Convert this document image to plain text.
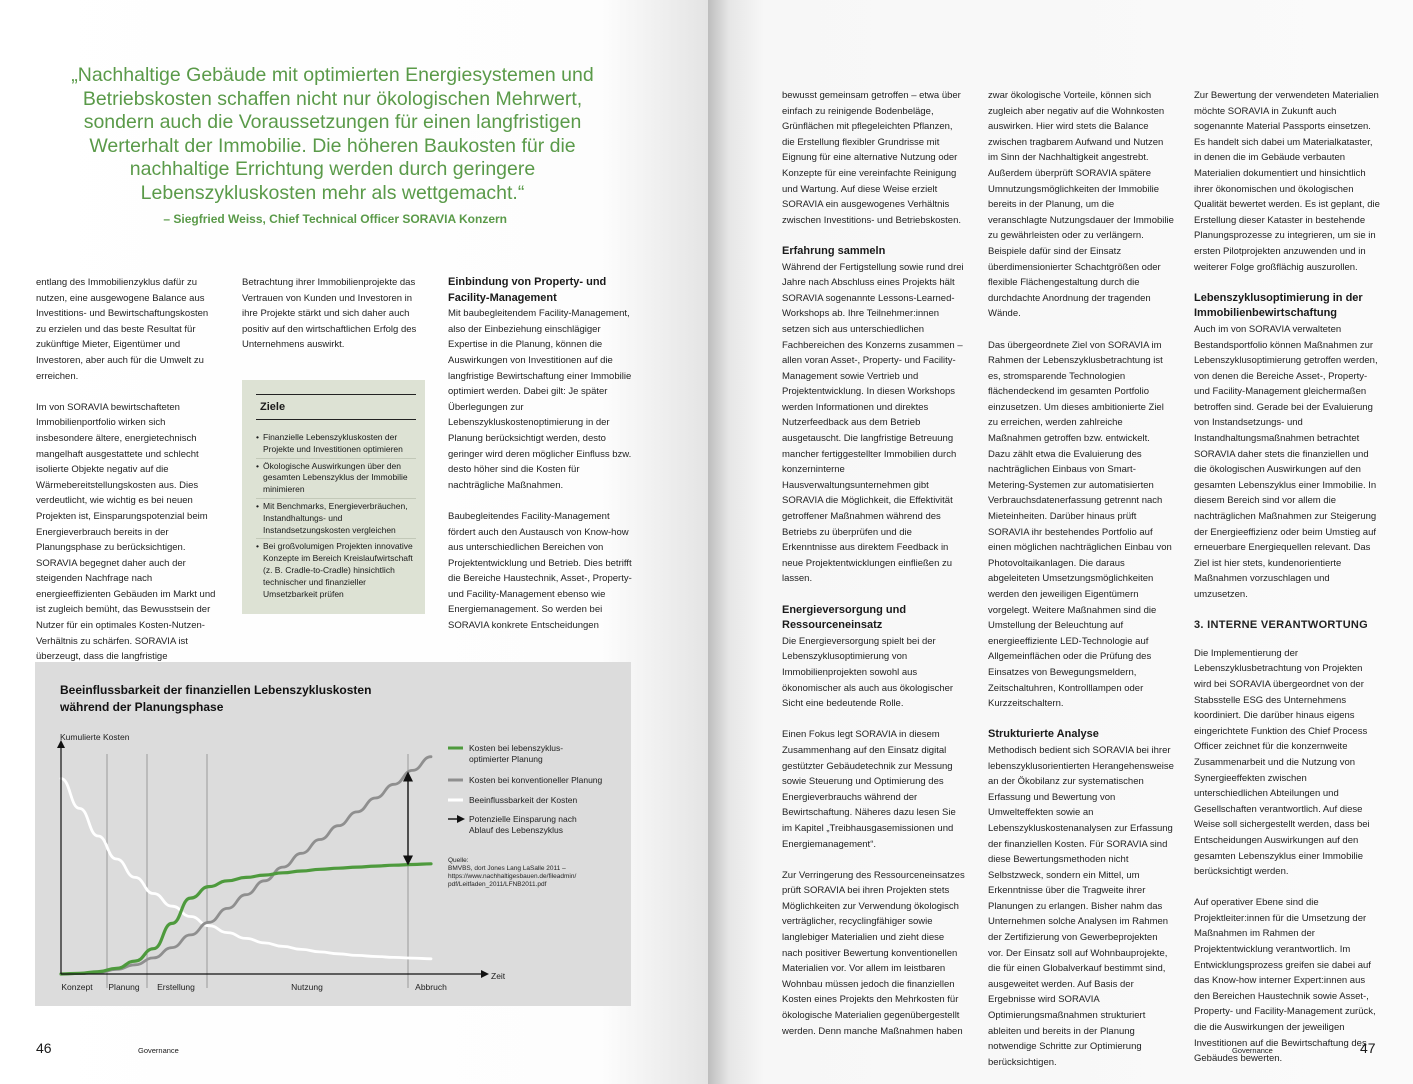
„Nachhaltige Gebäude mit optimierten Energiesystemen und Betriebskosten schaffen nicht nur ökologischen Mehrwert, sondern auch die Voraussetzungen für einen langfristigen Werterhalt der Immobilie. Die höheren Baukosten für die nachhaltige Errichtung werden durch geringere Lebenszykluskosten mehr als wettgemacht.“
– Siegfried Weiss, Chief Technical Officer SORAVIA Konzern

entlang des Immobilienzyklus dafür zu nutzen, eine ausgewogene Balance aus Investitions- und Bewirtschaftungskosten zu erzielen und das beste Resultat für zukünftige Mieter, Eigentümer und Investoren, aber auch für die Umwelt zu erreichen.

Im von SORAVIA bewirtschafteten Immobilienportfolio wirken sich insbesondere ältere, energietechnisch mangelhaft ausgestattete und schlecht isolierte Objekte negativ auf die Wärmebereitstellungskosten aus. Dies verdeutlicht, wie wichtig es bei neuen Projekten ist, Einsparungspotenzial beim Energieverbrauch bereits in der Planungsphase zu berücksichtigen. SORAVIA begegnet daher auch der steigenden Nachfrage nach energieeffizienten Gebäuden im Markt und ist zugleich bemüht, das Bewusstsein der Nutzer für ein optimales Kosten-Nutzen-Verhältnis zu schärfen. SORAVIA ist überzeugt, dass die langfristige

Betrachtung ihrer Immobilienprojekte das Vertrauen von Kunden und Investoren in ihre Projekte stärkt und sich daher auch positiv auf den wirtschaftlichen Erfolg des Unternehmens auswirkt.

Ziele
• Finanzielle Lebenszykluskosten der Projekte und Investitionen optimieren
• Ökologische Auswirkungen über den gesamten Lebenszyklus der Immobilie minimieren
• Mit Benchmarks, Energieverbräuchen, Instandhaltungs- und Instandsetzungskosten vergleichen
• Bei großvolumigen Projekten innovative Konzepte im Bereich Kreislaufwirtschaft (z. B. Cradle-to-Cradle) hinsichtlich technischer und finanzieller Umsetzbarkeit prüfen
Einbindung von Property- und Facility-Management

Mit baubegleitendem Facility-Management, also der Einbeziehung einschlägiger Expertise in die Planung, können die Auswirkungen von Investitionen auf die langfristige Bewirtschaftung einer Immobilie optimiert werden. Dabei gilt: Je später Überlegungen zur Lebenszykluskostenoptimierung in der Planung berücksichtigt werden, desto geringer wird deren möglicher Einfluss bzw. desto höher sind die Kosten für nachträgliche Maßnahmen.

Baubegleitendes Facility-Management fördert auch den Austausch von Know-how aus unterschiedlichen Bereichen von Projektentwicklung und Betrieb. Dies betrifft die Bereiche Haustechnik, Asset-, Property- und Facility-Management ebenso wie Energiemanagement. So werden bei SORAVIA konkrete Entscheidungen

Beeinflussbarkeit der finanziellen Lebenszykluskosten
während der Planungsphase
Kumulierte Kosten
Zeit
Konzept Planung Erstellung	Nutzung	Abbruch
Kosten bei lebenszyklus-optimierter Planung
Kosten bei konventioneller Planung
Beeinflussbarkeit der Kosten
Potenzielle Einsparung nach Ablauf des Lebenszyklus
Quelle: BMVBS, dort Jones Lang LaSalle 2011 – https://www.nachhaltigesbauen.de/fileadmin/ pdf/Leitfaden_2011/LFNB2011.pdf
46	Governance

bewusst gemeinsam getroffen – etwa über einfach zu reinigende Bodenbeläge, Grünflächen mit pflegeleichten Pflanzen, die Erstellung flexibler Grundrisse mit Eignung für eine alternative Nutzung oder Konzepte für eine vereinfachte Reinigung und Wartung. Auf diese Weise erzielt SORAVIA ein ausgewogenes Verhältnis zwischen Investitions- und Betriebskosten.

Erfahrung sammeln

Während der Fertigstellung sowie rund drei Jahre nach Abschluss eines Projekts hält SORAVIA sogenannte Lessons-Learned-Workshops ab. Ihre Teilnehmer:innen setzen sich aus unterschiedlichen Fachbereichen des Konzerns zusammen – allen voran Asset-, Property- und Facility-Management sowie Vertrieb und Projektentwicklung. In diesen Workshops werden Informationen und direktes Nutzerfeedback aus dem Betrieb ausgetauscht. Die langfristige Betreuung mancher fertiggestellter Immobilien durch konzerninterne Hausverwaltungsunternehmen gibt SORAVIA die Möglichkeit, die Effektivität getroffener Maßnahmen während des Betriebs zu überprüfen und die Erkenntnisse aus direktem Feedback in neue Projektentwicklungen einfließen zu lassen.

Energieversorgung und Ressourceneinsatz

Die Energieversorgung spielt bei der Lebenszyklusoptimierung von Immobilienprojekten sowohl aus ökonomischer als auch aus ökologischer Sicht eine bedeutende Rolle.

Einen Fokus legt SORAVIA in diesem Zusammenhang auf den Einsatz digital gestützter Gebäudetechnik zur Messung sowie Steuerung und Optimierung des Energieverbrauchs während der Bewirtschaftung. Näheres dazu lesen Sie im Kapitel „Treibhausgasemissionen und Energiemanagement“.

Zur Verringerung des Ressourceneinsatzes prüft SORAVIA bei ihren Projekten stets Möglichkeiten zur Verwendung ökologisch verträglicher, recyclingfähiger sowie langlebiger Materialien und zieht diese nach positiver Bewertung konventionellen Materialien vor. Vor allem im leistbaren Wohnbau müssen jedoch die finanziellen Kosten eines Projekts den Mehrkosten für ökologische Materialien gegenübergestellt werden. Denn manche Maßnahmen haben

zwar ökologische Vorteile, können sich zugleich aber negativ auf die Wohnkosten auswirken. Hier wird stets die Balance zwischen tragbarem Aufwand und Nutzen im Sinn der Nachhaltigkeit angestrebt. Außerdem überprüft SORAVIA spätere Umnutzungsmöglichkeiten der Immobilie bereits in der Planung, um die veranschlagte Nutzungsdauer der Immobilie zu gewährleisten oder zu verlängern. Beispiele dafür sind der Einsatz überdimensionierter Schachtgrößen oder flexible Flächengestaltung durch die durchdachte Anordnung der tragenden Wände.

Das übergeordnete Ziel von SORAVIA im Rahmen der Lebenszyklusbetrachtung ist es, stromsparende Technologien flächendeckend im gesamten Portfolio einzusetzen. Um dieses ambitionierte Ziel zu erreichen, werden zahlreiche Maßnahmen getroffen bzw. entwickelt. Dazu zählt etwa die Evaluierung des nachträglichen Einbaus von Smart-Metering-Systemen zur automatisierten Verbrauchsdatenerfassung getrennt nach Mieteinheiten. Darüber hinaus prüft SORAVIA ihr bestehendes Portfolio auf einen möglichen nachträglichen Einbau von Photovoltaikanlagen. Die daraus abgeleiteten Umsetzungsmöglichkeiten werden den jeweiligen Eigentümern vorgelegt. Weitere Maßnahmen sind die Umstellung der Beleuchtung auf energieeffiziente LED-Technologie auf Allgemeinflächen oder die Prüfung des Einsatzes von Bewegungsmeldern, Zeitschaltuhren, Kontrolllampen oder Kurzzeitschaltern.

Strukturierte Analyse

Methodisch bedient sich SORAVIA bei ihrer lebenszyklusorientierten Herangehensweise an der Ökobilanz zur systematischen Erfassung und Bewertung von Umwelteffekten sowie an Lebenszykluskostenanalysen zur Erfassung der finanziellen Kosten. Für SORAVIA sind diese Bewertungsmethoden nicht Selbstzweck, sondern ein Mittel, um Erkenntnisse über die Tragweite ihrer Planungen zu erlangen. Bisher nahm das Unternehmen solche Analysen im Rahmen der Zertifizierung von Gewerbeprojekten vor. Der Einsatz soll auf Wohnbauprojekte, die für einen Globalverkauf bestimmt sind, ausgeweitet werden. Auf Basis der Ergebnisse wird SORAVIA Optimierungsmaßnahmen strukturiert ableiten und bereits in der Planung notwendige Schritte zur Optimierung berücksichtigen.

Zur Bewertung der verwendeten Materialien möchte SORAVIA in Zukunft auch sogenannte Material Passports einsetzen. Es handelt sich dabei um Materialkataster, in denen die im Gebäude verbauten Materialien dokumentiert und hinsichtlich ihrer ökonomischen und ökologischen Qualität bewertet werden. Es ist geplant, die Erstellung dieser Kataster in bestehende Planungsprozesse zu integrieren, um sie in ersten Pilotprojekten anzuwenden und in weiterer Folge großflächig auszurollen.

Lebenszyklusoptimierung in der Immobilienbewirtschaftung

Auch im von SORAVIA verwalteten Bestandsportfolio können Maßnahmen zur Lebenszyklusoptimierung getroffen werden, von denen die Bereiche Asset-, Property- und Facility-Management gleichermaßen betroffen sind. Gerade bei der Evaluierung von Instandsetzungs- und Instandhaltungsmaßnahmen betrachtet SORAVIA daher stets die finanziellen und die ökologischen Auswirkungen auf den gesamten Lebenszyklus einer Immobilie. In diesem Bereich sind vor allem die nachträglichen Maßnahmen zur Steigerung der Energieeffizienz oder beim Umstieg auf erneuerbare Energiequellen relevant. Das Ziel ist hier stets, kundenorientierte Maßnahmen vorzuschlagen und umzusetzen.

3. INTERNE VERANTWORTUNG

Die Implementierung der Lebenszyklusbetrachtung von Projekten wird bei SORAVIA übergeordnet von der Stabsstelle ESG des Unternehmens koordiniert. Die darüber hinaus eigens eingerichtete Funktion des Chief Process Officer zeichnet für die konzernweite Zusammenarbeit und die Nutzung von Synergieeffekten zwischen unterschiedlichen Abteilungen und Gesellschaften verantwortlich. Auf diese Weise soll sichergestellt werden, dass bei Entscheidungen Auswirkungen auf den gesamten Lebenszyklus einer Immobilie berücksichtigt werden.

Auf operativer Ebene sind die Projektleiter:innen für die Umsetzung der Maßnahmen im Rahmen der Projektentwicklung verantwortlich. Im Entwicklungsprozess greifen sie dabei auf das Know-how interner Expert:innen aus den Bereichen Haustechnik sowie Asset-, Property- und Facility-Management zurück, die die Auswirkungen der jeweiligen Investitionen auf die Bewirtschaftung des Gebäudes bewerten.

Governance	47
